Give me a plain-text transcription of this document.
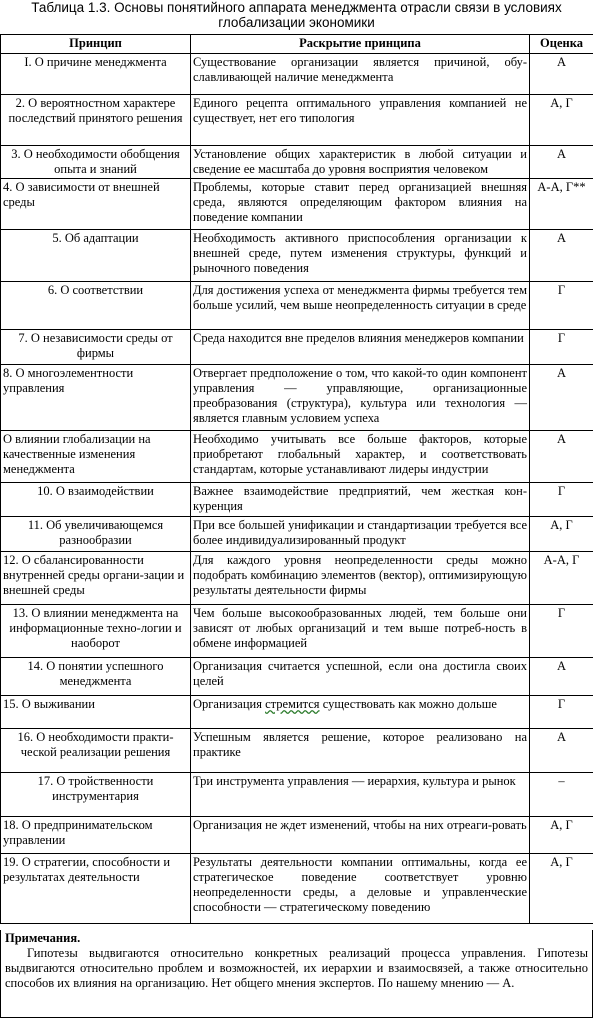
Таблица 1.3. Основы понятийного аппарата менеджмента отрасли связи в условиях глобализации экономики
Принцип	Раскрытие принципа	Оценка
I. О причине менеджмента	Существование организации является причиной, обу-славливающей наличие менеджмента	А
2. О вероятностном характере последствий принятого решения	Единого рецепта оптимального управления компанией не существует, нет его типология	А, Г
3. О необходимости обобщения опыта и знаний	Установление общих характеристик в любой ситуации и сведение ее масштаба до уровня восприятия человеком	А
4. О зависимости от внешней среды	Проблемы, которые ставит перед организацией внешняя среда, являются определяющим фактором влияния на поведение компании	А-А, Г**
5. Об адаптации	Необходимость активного приспособления организации к внешней среде, путем изменения структуры, функций и рыночного поведения	А
6. О соответствии	Для достижения успеха от менеджмента фирмы требуется тем больше усилий, чем выше неопределенность ситуации в среде	Г
7. О независимости среды от фирмы	Среда находится вне пределов влияния менеджеров компании	Г
8. О многоэлементности управления	Отвергает предположение о том, что какой-то один компонент управления — управляющие, организационные преобразования (структура), культура или технология — является главным условием успеха	А
О влиянии глобализации на качественные изменения менеджмента	Необходимо учитывать все больше факторов, которые приобретают глобальный характер, и соответствовать стандартам, которые устанавливают лидеры индустрии	А
10. О взаимодействии	Важнее взаимодействие предприятий, чем жесткая кон-куренция	Г
11. Об увеличивающемся разнообразии	При все большей унификации и стандартизации требуется все более индивидуализированный продукт	А, Г
12. О сбалансированности внутренней среды органи-зации и внешней среды	Для каждого уровня неопределенности среды можно подобрать комбинацию элементов (вектор), оптимизирующую результаты деятельности фирмы	А-А, Г
13. О влиянии менеджмента на информационные техно-логии и наоборот	Чем больше высокообразованных людей, тем больше они зависят от любых организаций и тем выше потреб-ность в обмене информацией	Г
14. О понятии успешного менеджмента	Организация считается успешной, если она достигла своих целей	А
15. О выживании	Организация стремится существовать как можно дольше	Г
16. О необходимости практи-ческой реализации решения	Успешным является решение, которое реализовано на практике	А
17. О тройственности инструментария	Три инструмента управления — иерархия, культура и рынок	–
18. О предпринимательском управлении	Организация не ждет изменений, чтобы на них отреаги-ровать	А, Г
19. О стратегии, способности и результатах деятельности	Результаты деятельности компании оптимальны, когда ее стратегическое поведение соответствует уровню неопределенности среды, а деловые и управленческие способности — стратегическому поведению	А, Г
Примечания.
Гипотезы выдвигаются относительно конкретных реализаций процесса управления. Гипотезы выдвигаются относительно проблем и возможностей, их иерархии и взаимосвязей, а также относительно способов их влияния на организацию. Нет общего мнения экспертов. По нашему мнению — А.
